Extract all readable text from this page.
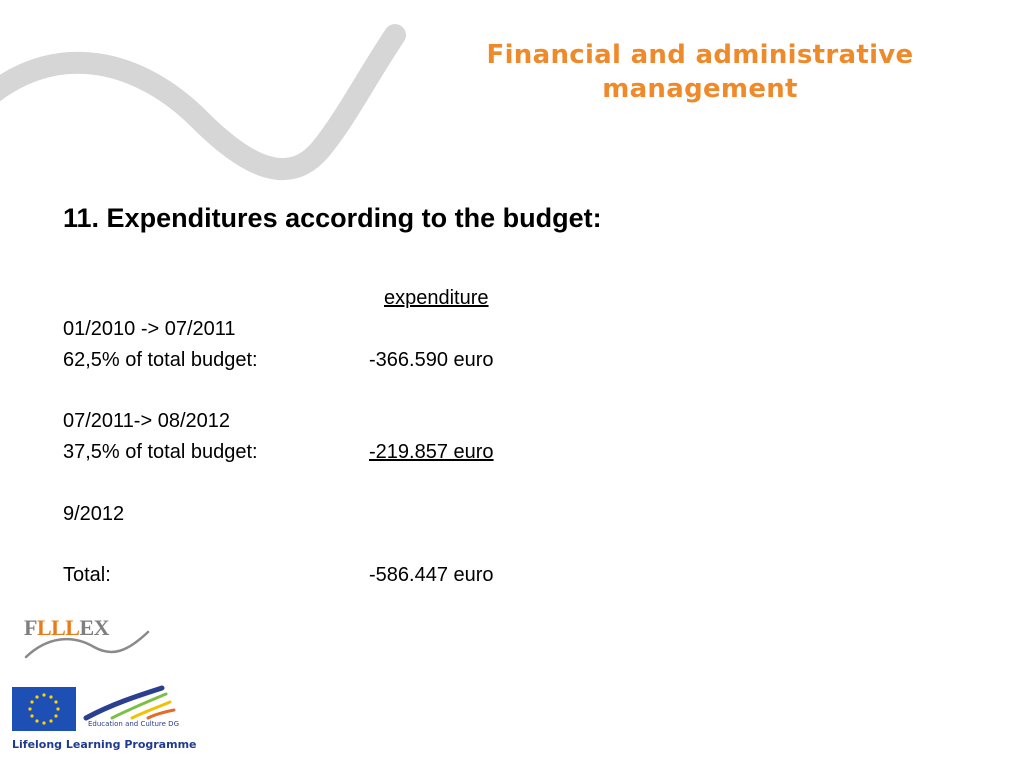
Financial and administrative management
11. Expenditures according to the budget:
expenditure
01/2010 -> 07/2011
62,5% of total budget:	-366.590 euro
07/2011-> 08/2012
37,5% of total budget:	-219.857 euro
9/2012
Total:	-586.447 euro
FLLLEX
Education and Culture DG
Lifelong Learning Programme
